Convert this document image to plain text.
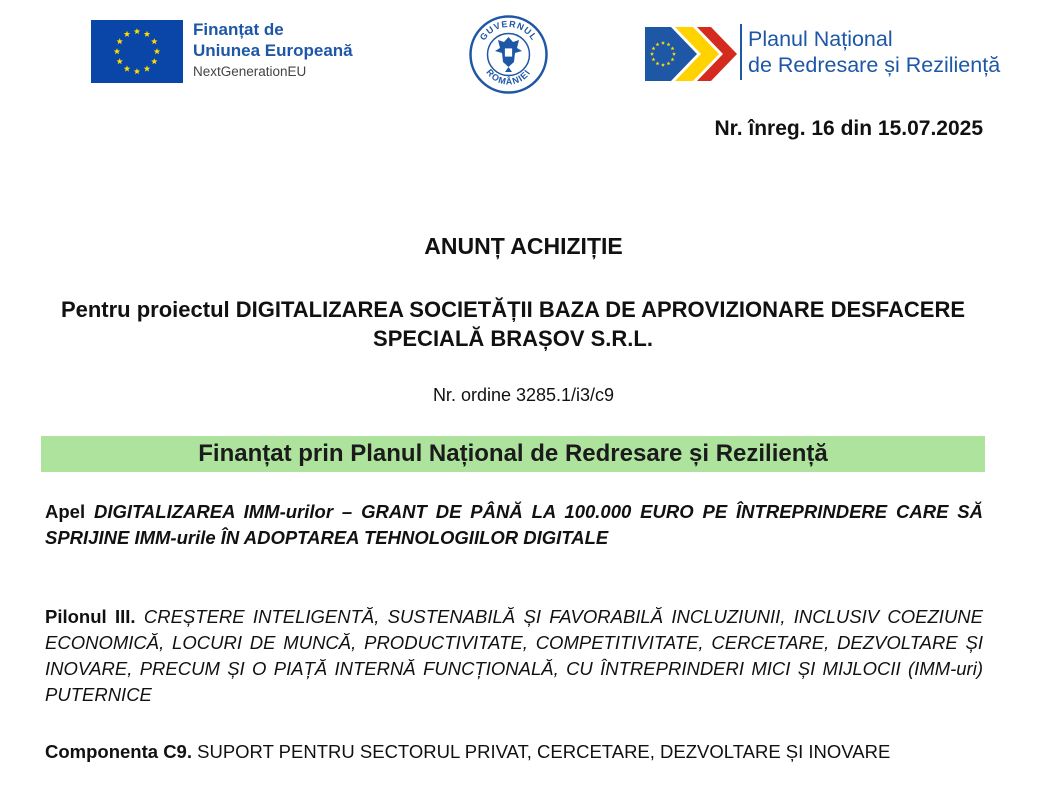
Finanțat de
Uniunea Europeană
NextGenerationEU
GUVERNUL
ROMÂNIEI
Planul Național
de Redresare și Reziliență
Nr. înreg. 16 din 15.07.2025
ANUNȚ ACHIZIȚIE
Pentru proiectul DIGITALIZAREA SOCIETĂȚII BAZA DE APROVIZIONARE DESFACERE SPECIALĂ BRAȘOV S.R.L.
Nr. ordine 3285.1/i3/c9
Finanțat prin Planul Național de Redresare și Reziliență
Apel DIGITALIZAREA IMM-urilor – GRANT DE PÂNĂ LA 100.000 EURO PE ÎNTREPRINDERE CARE SĂ SPRIJINE IMM-urile ÎN ADOPTAREA TEHNOLOGIILOR DIGITALE
Pilonul III. CREȘTERE INTELIGENTĂ, SUSTENABILĂ ȘI FAVORABILĂ INCLUZIUNII, INCLUSIV COEZIUNE ECONOMICĂ, LOCURI DE MUNCĂ, PRODUCTIVITATE, COMPETITIVITATE, CERCETARE, DEZVOLTARE ȘI INOVARE, PRECUM ȘI O PIAȚĂ INTERNĂ FUNCȚIONALĂ, CU ÎNTREPRINDERI MICI ȘI MIJLOCII (IMM-uri) PUTERNICE
Componenta C9. SUPORT PENTRU SECTORUL PRIVAT, CERCETARE, DEZVOLTARE ȘI INOVARE
